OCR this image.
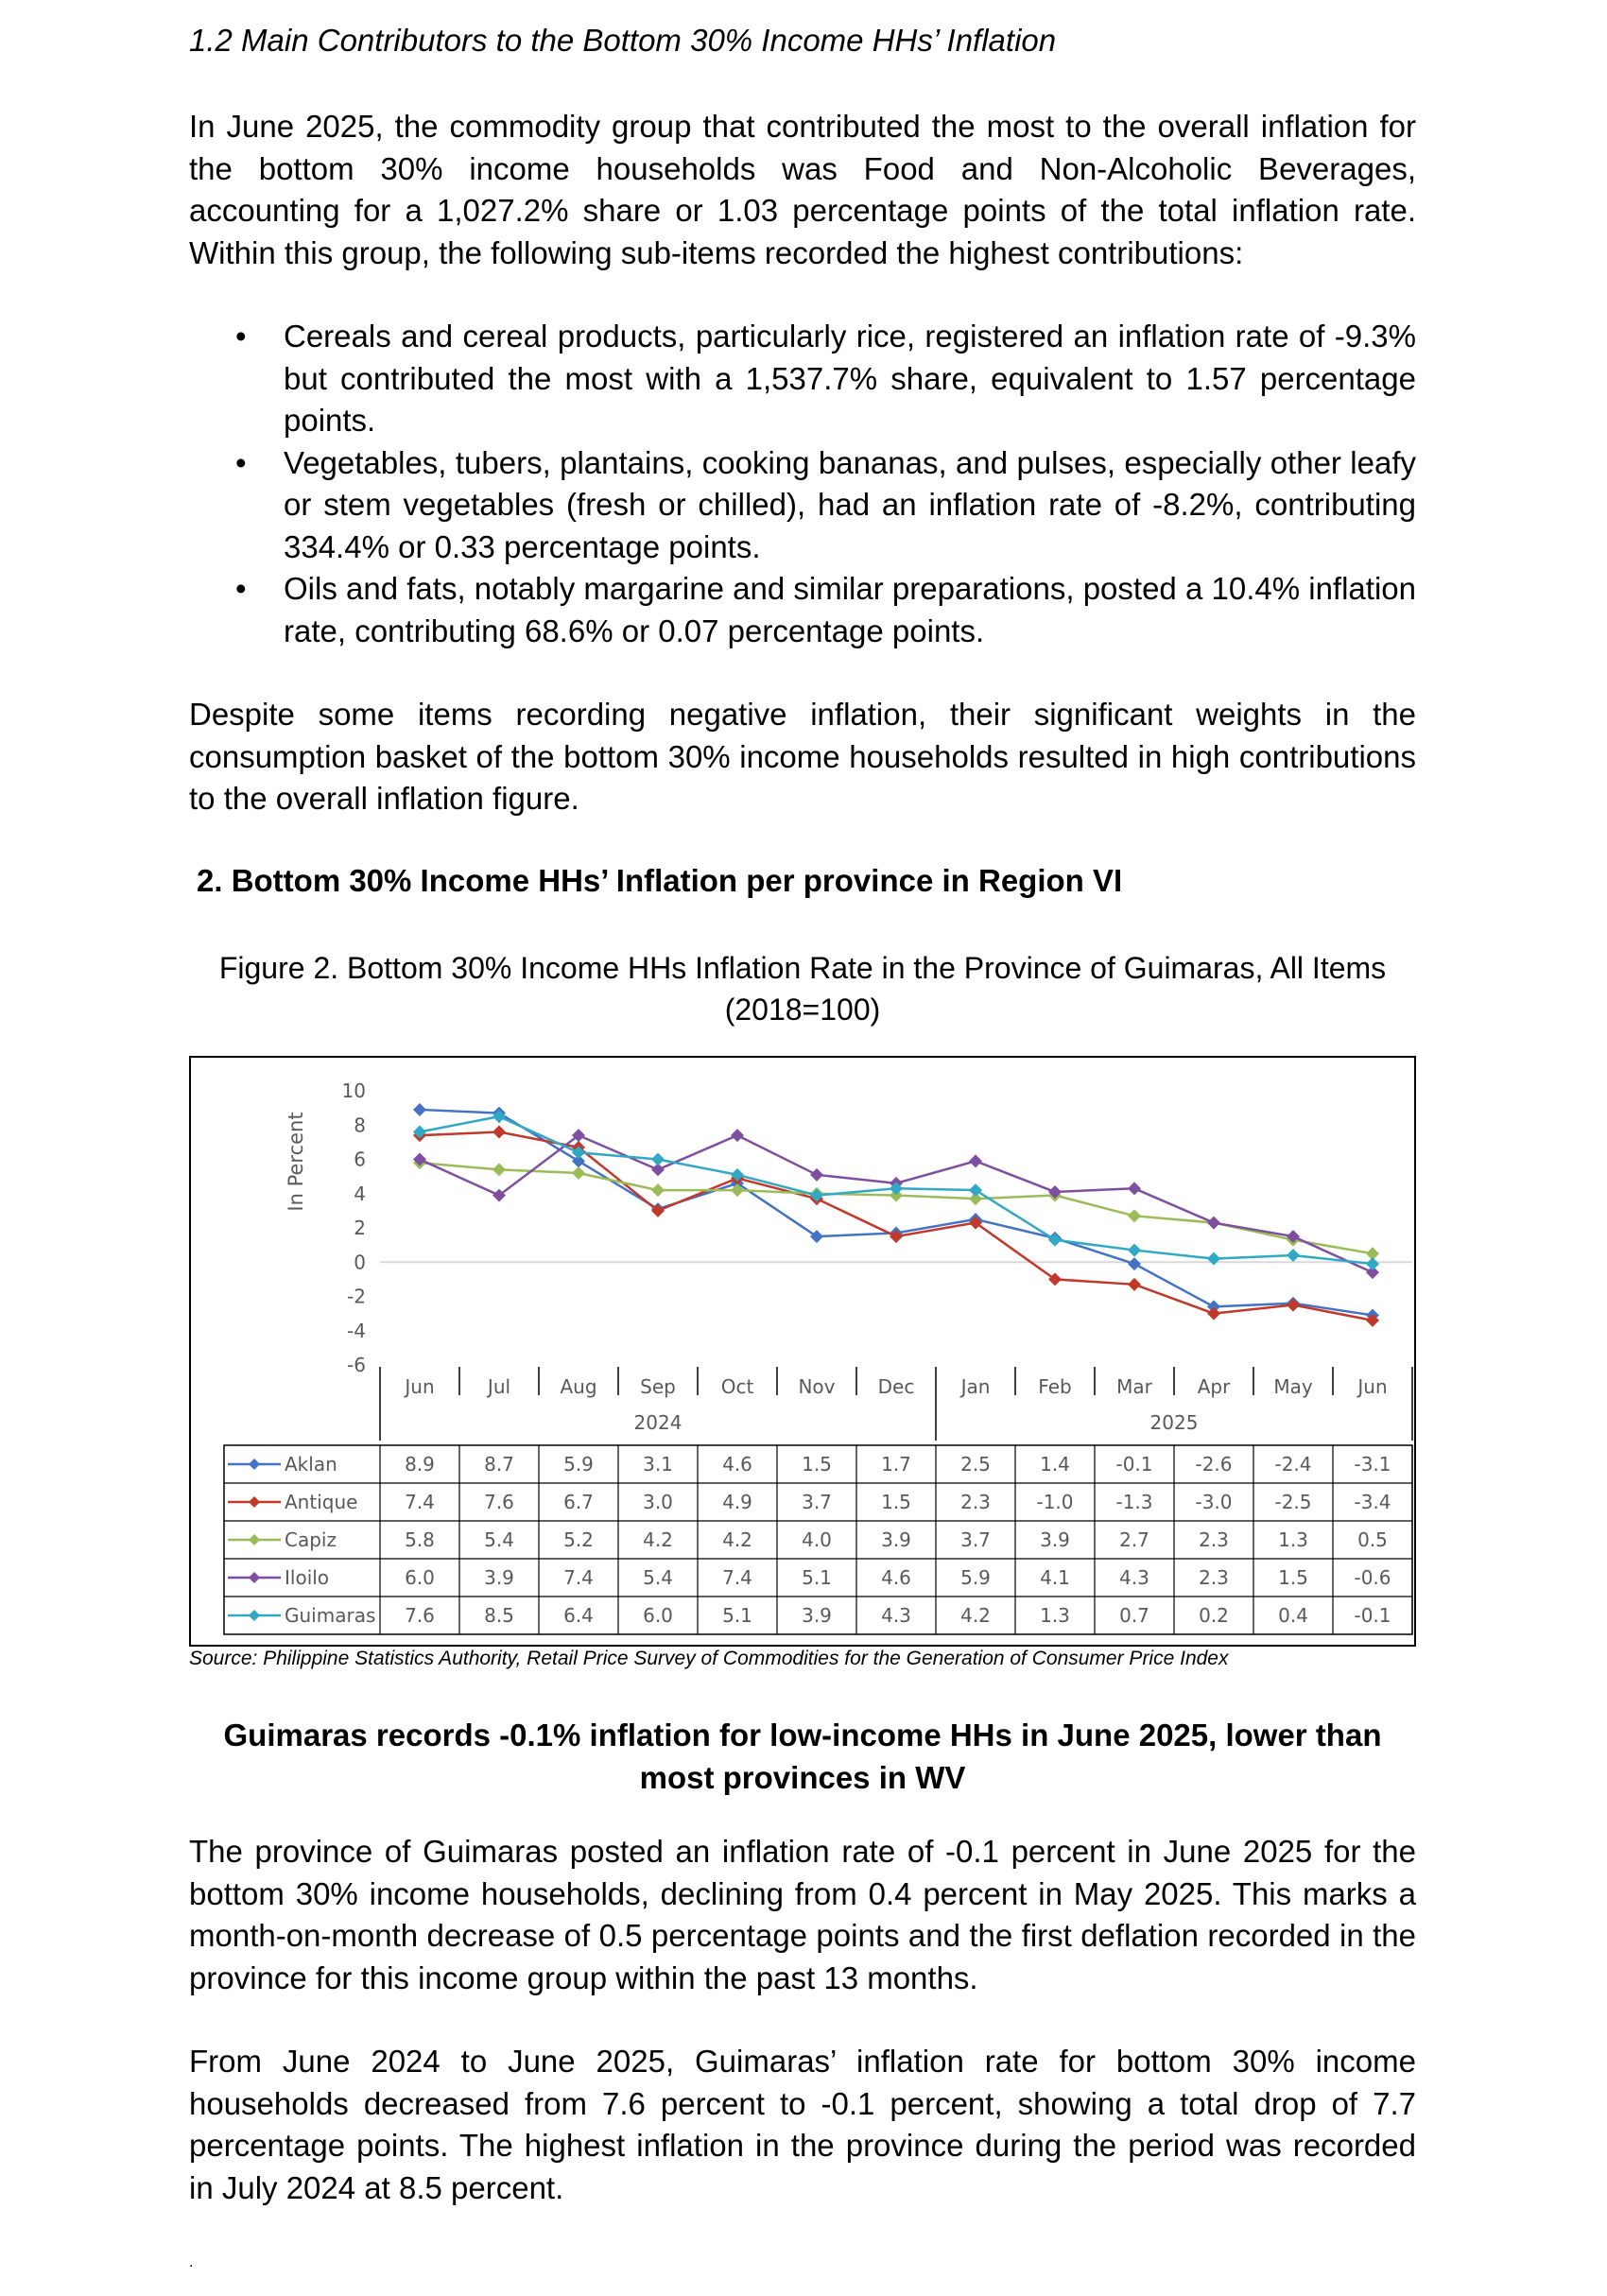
1.2 Main Contributors to the Bottom 30% Income HHs’ Inflation

In June 2025, the commodity group that contributed the most to the overall inflation for the bottom 30% income households was Food and Non-Alcoholic Beverages, accounting for a 1,027.2% share or 1.03 percentage points of the total inflation rate. Within this group, the following sub-items recorded the highest contributions:

• Cereals and cereal products, particularly rice, registered an inflation rate of -9.3% but contributed the most with a 1,537.7% share, equivalent to 1.57 percentage points.
• Vegetables, tubers, plantains, cooking bananas, and pulses, especially other leafy or stem vegetables (fresh or chilled), had an inflation rate of -8.2%, contributing 334.4% or 0.33 percentage points.
• Oils and fats, notably margarine and similar preparations, posted a 10.4% inflation rate, contributing 68.6% or 0.07 percentage points.

Despite some items recording negative inflation, their significant weights in the consumption basket of the bottom 30% income households resulted in high contributions to the overall inflation figure.

2. Bottom 30% Income HHs’ Inflation per province in Region VI

Figure 2. Bottom 30% Income HHs Inflation Rate in the Province of Guimaras, All Items (2018=100)

In Percent
10
8
6
4
2
0
-2
-4
-6
Jun	Jul	Aug Sep Oct Nov Dec Jan	Feb Mar Apr May Jun
2024	2025
Aklan	8.9	8.7	5.9	3.1	4.6	1.5	1.7	2.5	1.4 -0.1 -2.6 -2.4 -3.1
Antique 7.4	7.6	6.7	3.0	4.9	3.7	1.5	2.3 -1.0 -1.3 -3.0 -2.5 -3.4
Capiz	5.8	5.4	5.2	4.2	4.2	4.0	3.9	3.7	3.9	2.7	2.3	1.3	0.5
Iloilo	6.0	3.9	7.4	5.4	7.4	5.1	4.6	5.9	4.1	4.3	2.3	1.5 -0.6
Guimaras 7.6	8.5	6.4	6.0	5.1	3.9	4.3	4.2	1.3	0.7	0.2	0.4 -0.1

Source: Philippine Statistics Authority, Retail Price Survey of Commodities for the Generation of Consumer Price Index

Guimaras records -0.1% inflation for low-income HHs in June 2025, lower than most provinces in WV

The province of Guimaras posted an inflation rate of -0.1 percent in June 2025 for the bottom 30% income households, declining from 0.4 percent in May 2025. This marks a month-on-month decrease of 0.5 percentage points and the first deflation recorded in the province for this income group within the past 13 months.

From June 2024 to June 2025, Guimaras’ inflation rate for bottom 30% income households decreased from 7.6 percent to -0.1 percent, showing a total drop of 7.7 percentage points. The highest inflation in the province during the period was recorded in July 2024 at 8.5 percent.

.
